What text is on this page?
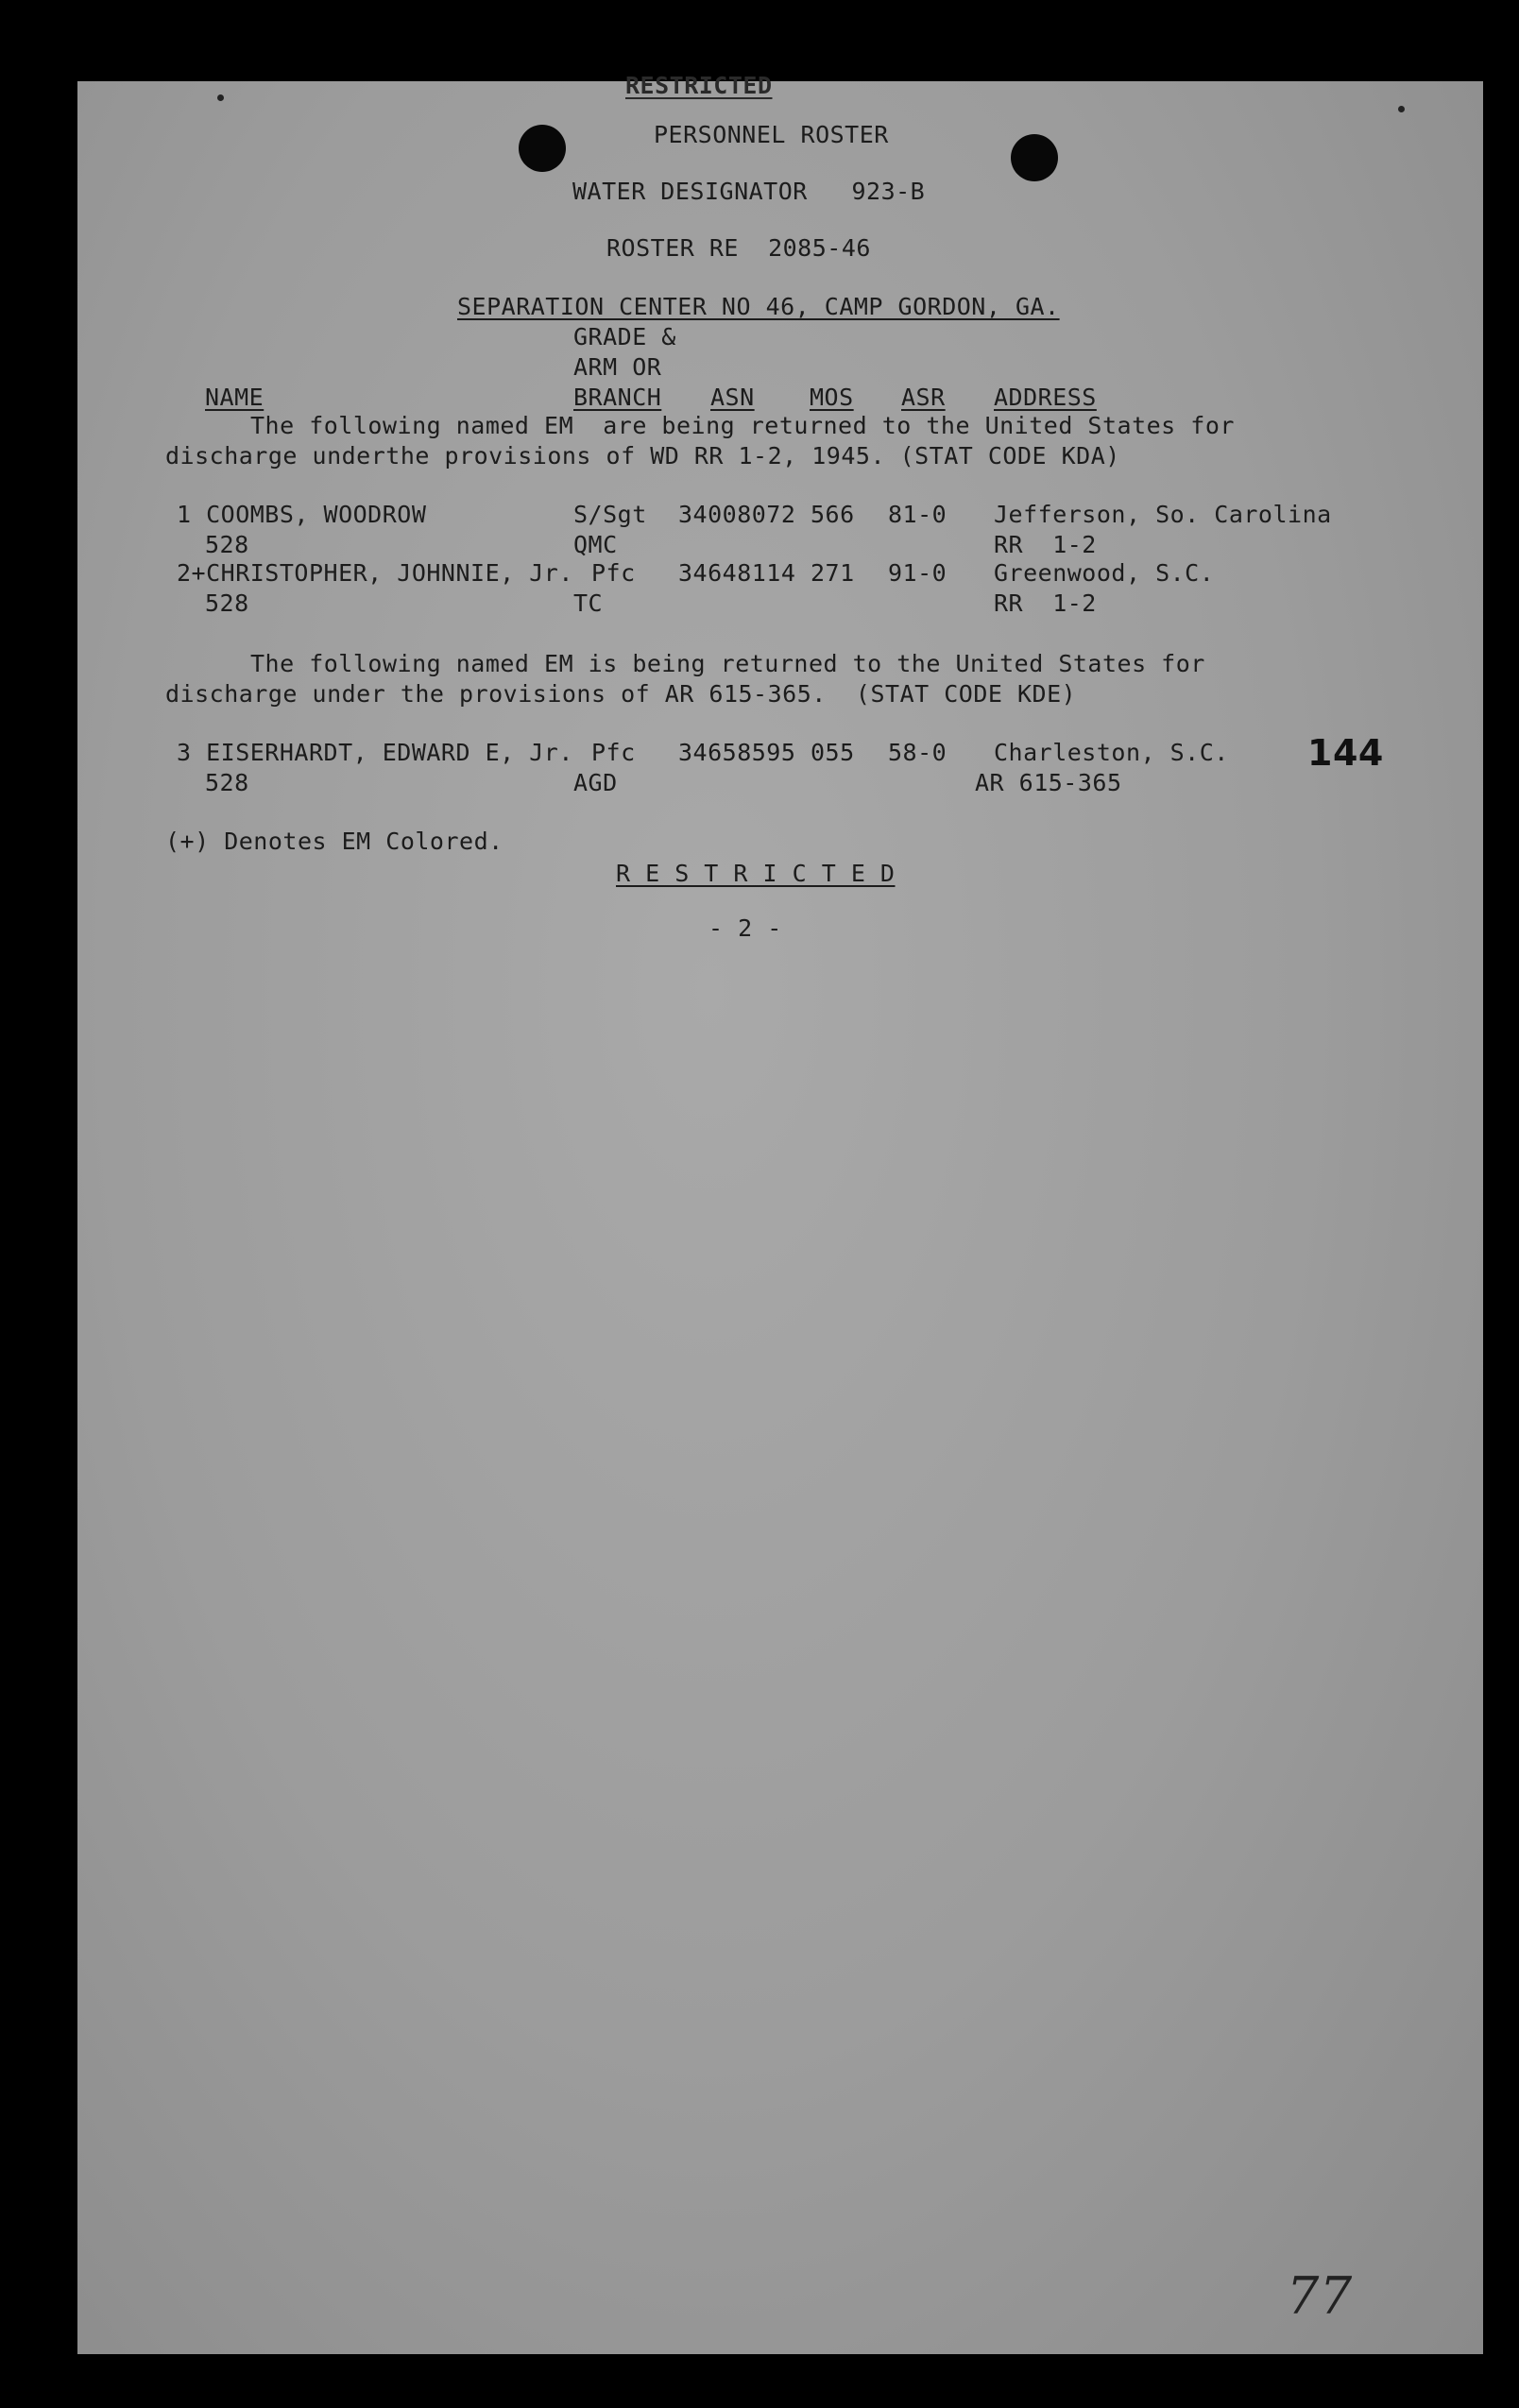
RESTRICTED
PERSONNEL ROSTER
WATER DESIGNATOR   923-B
ROSTER RE  2085-46
SEPARATION CENTER NO 46, CAMP GORDON, GA.
GRADE &
ARM OR
BRANCH
NAME	ASN MOS ASR ADDRESS
The following named EM  are being returned to the United States for
discharge underthe provisions of WD RR 1-2, 1945. (STAT CODE KDA)
1 COOMBS, WOODROW
528
S/Sgt
QMC
34008072 566 81-0 Jefferson, So. Carolina
RR  1-2
2+CHRISTOPHER, JOHNNIE, Jr.
528
Pfc
TC
34648114 271 91-0 Greenwood, S.C.
RR  1-2
The following named EM is being returned to the United States for
discharge under the provisions of AR 615-365.  (STAT CODE KDE)
3 EISERHARDT, EDWARD E, Jr.
528
Pfc
AGD
34658595 055 58-0 Charleston, S.C.
AR 615-365
144
(+) Denotes EM Colored.
R E S T R I C T E D
- 2 -
77
